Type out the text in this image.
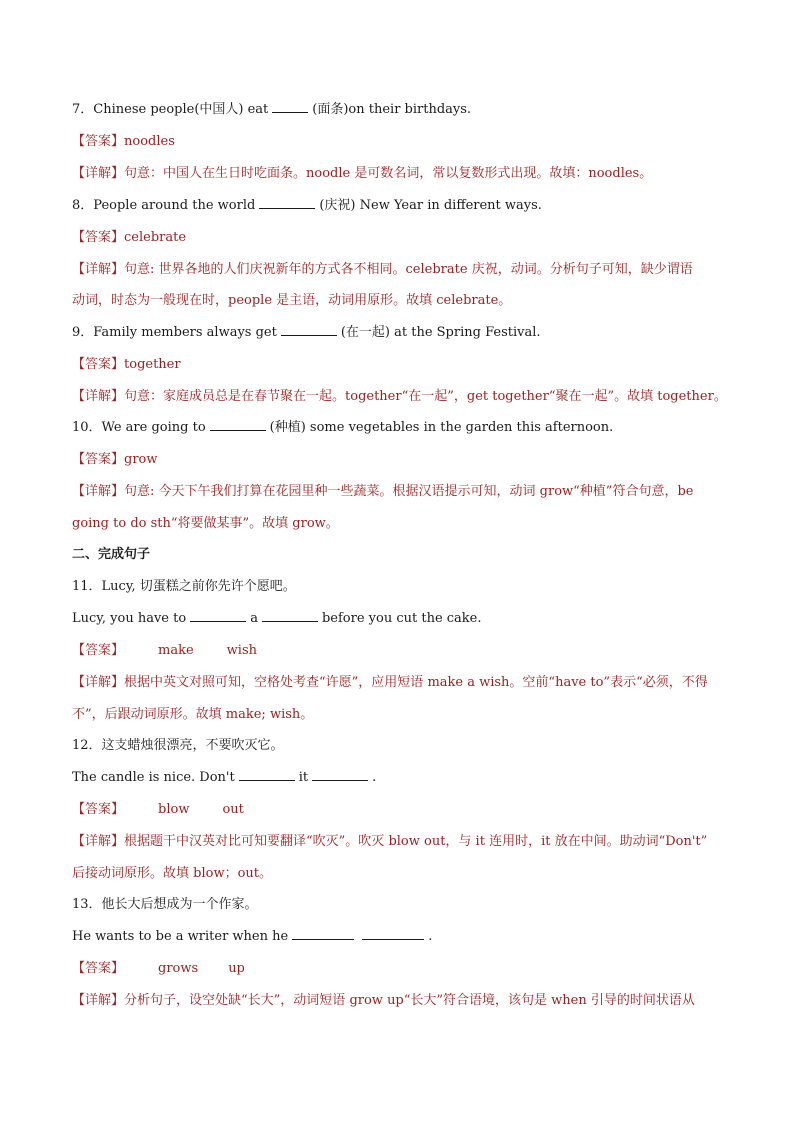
7．Chinese people(中国人) eat	(面条)on their birthdays.
【答案】noodles
【详解】句意：中国人在生日时吃面条。noodle 是可数名词，常以复数形式出现。故填：noodles。
8．People around the world	(庆祝) New Year in different ways.
【答案】celebrate
【详解】句意: 世界各地的人们庆祝新年的方式各不相同。celebrate 庆祝，动词。分析句子可知，缺少谓语
动词，时态为一般现在时，people 是主语，动词用原形。故填 celebrate。
9．Family members always get	(在一起) at the Spring Festival.
【答案】together
【详解】句意：家庭成员总是在春节聚在一起。together“在一起”，get together“聚在一起”。故填 together。
10．We are going to	(种植) some vegetables in the garden this afternoon.
【答案】grow
【详解】句意: 今天下午我们打算在花园里种一些蔬菜。根据汉语提示可知，动词 grow“种植”符合句意，be
going to do sth“将要做某事”。故填 grow。
二、完成句子
11．Lucy, 切蛋糕之前你先许个愿吧。
Lucy, you have to	a	before you cut the cake.
【答案】	make	wish
【详解】根据中英文对照可知，空格处考查“许愿”，应用短语 make a wish。空前“have to”表示“必须，不得
不”，后跟动词原形。故填 make; wish。
12．这支蜡烛很漂亮，不要吹灭它。
The candle is nice. Don't	it	.
【答案】	blow	out
【详解】根据题干中汉英对比可知要翻译“吹灭”。吹灭 blow out，与 it 连用时，it 放在中间。助动词“Don't”
后接动词原形。故填 blow；out。
13．他长大后想成为一个作家。
He wants to be a writer when he	.
【答案】	grows up
【详解】分析句子，设空处缺“长大”，动词短语 grow up“长大”符合语境，该句是 when 引导的时间状语从
